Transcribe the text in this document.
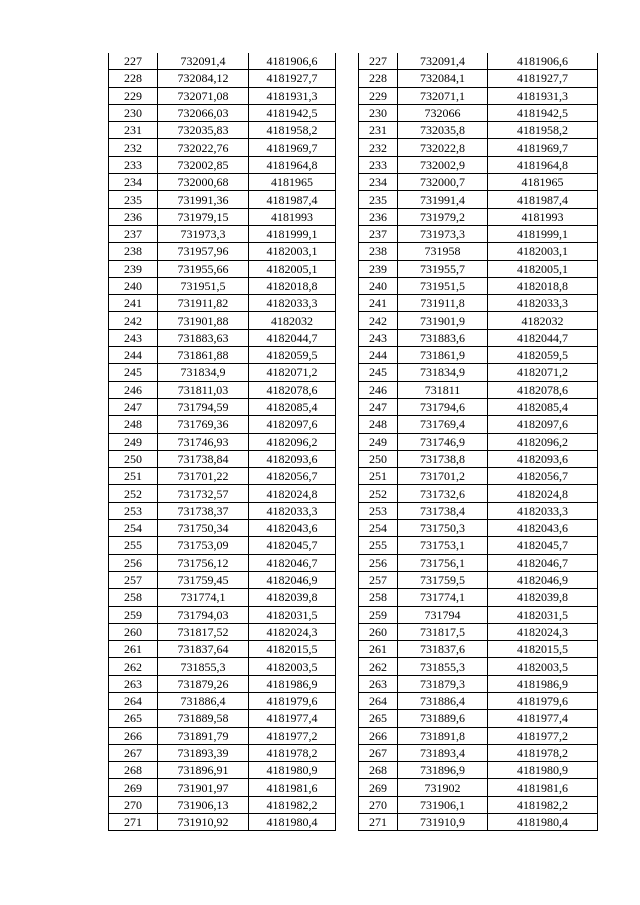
227	732091,4	4181906,6
228	732084,12	4181927,7
229	732071,08	4181931,3
230	732066,03	4181942,5
231	732035,83	4181958,2
232	732022,76	4181969,7
233	732002,85	4181964,8
234	732000,68	4181965
235	731991,36	4181987,4
236	731979,15	4181993
237	731973,3	4181999,1
238	731957,96	4182003,1
239	731955,66	4182005,1
240	731951,5	4182018,8
241	731911,82	4182033,3
242	731901,88	4182032
243	731883,63	4182044,7
244	731861,88	4182059,5
245	731834,9	4182071,2
246	731811,03	4182078,6
247	731794,59	4182085,4
248	731769,36	4182097,6
249	731746,93	4182096,2
250	731738,84	4182093,6
251	731701,22	4182056,7
252	731732,57	4182024,8
253	731738,37	4182033,3
254	731750,34	4182043,6
255	731753,09	4182045,7
256	731756,12	4182046,7
257	731759,45	4182046,9
258	731774,1	4182039,8
259	731794,03	4182031,5
260	731817,52	4182024,3
261	731837,64	4182015,5
262	731855,3	4182003,5
263	731879,26	4181986,9
264	731886,4	4181979,6
265	731889,58	4181977,4
266	731891,79	4181977,2
267	731893,39	4181978,2
268	731896,91	4181980,9
269	731901,97	4181981,6
270	731906,13	4181982,2
271	731910,92	4181980,4
227	732091,4	4181906,6
228	732084,1	4181927,7
229	732071,1	4181931,3
230	732066	4181942,5
231	732035,8	4181958,2
232	732022,8	4181969,7
233	732002,9	4181964,8
234	732000,7	4181965
235	731991,4	4181987,4
236	731979,2	4181993
237	731973,3	4181999,1
238	731958	4182003,1
239	731955,7	4182005,1
240	731951,5	4182018,8
241	731911,8	4182033,3
242	731901,9	4182032
243	731883,6	4182044,7
244	731861,9	4182059,5
245	731834,9	4182071,2
246	731811	4182078,6
247	731794,6	4182085,4
248	731769,4	4182097,6
249	731746,9	4182096,2
250	731738,8	4182093,6
251	731701,2	4182056,7
252	731732,6	4182024,8
253	731738,4	4182033,3
254	731750,3	4182043,6
255	731753,1	4182045,7
256	731756,1	4182046,7
257	731759,5	4182046,9
258	731774,1	4182039,8
259	731794	4182031,5
260	731817,5	4182024,3
261	731837,6	4182015,5
262	731855,3	4182003,5
263	731879,3	4181986,9
264	731886,4	4181979,6
265	731889,6	4181977,4
266	731891,8	4181977,2
267	731893,4	4181978,2
268	731896,9	4181980,9
269	731902	4181981,6
270	731906,1	4181982,2
271	731910,9	4181980,4
